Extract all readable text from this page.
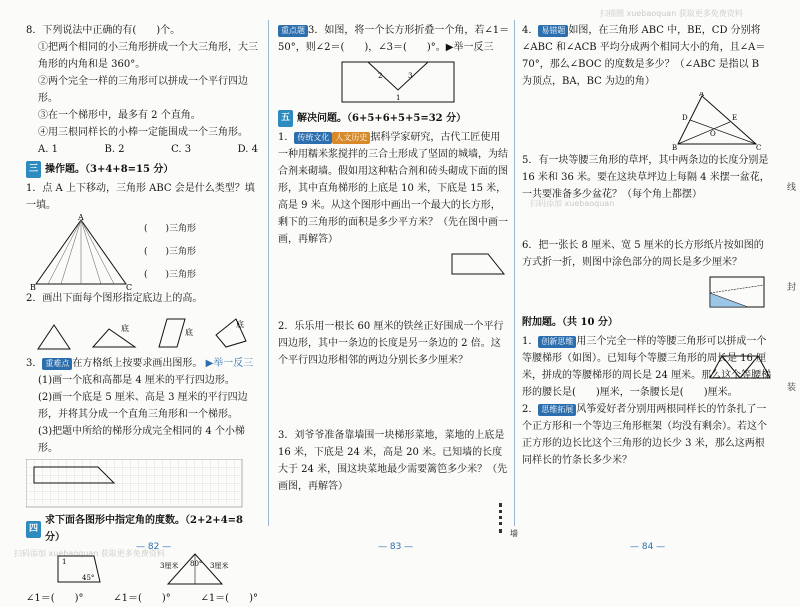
扫描圈 xuebaoquan 获取更多免费资料
扫码添加 xuebaoquan 获取更多免费资料

8．下列说法中正确的有(　　)个。

①把两个相同的小三角形拼成一个大三角形，大三角形的内角和是 360°。

②两个完全一样的三角形可以拼成一个平行四边形。

③在一个梯形中，最多有 2 个直角。

④用三根同样长的小棒一定能围成一个三角形。

A. 1	B. 2	C. 3	D. 4
三 操作题。（3+4+8=15 分）

1．点 A 上下移动，三角形 ABC 会是什么类型？填一填。

A
B	C
(　　)三角形
(　　)三角形
(　　)三角形

2．画出下面每个图形指定底边上的高。

底	底
底

3． 重难点 在方格纸上按要求画出图形。 ▶举一反三

(1)画一个底和高都是 4 厘米的平行四边形。

(2)画一个底是 5 厘米、高是 3 厘米的平行四边形，并将其分成一个直角三角形和一个梯形。

(3)把题中所给的梯形分成完全相同的 4 个小梯形。

四
求下面各图形中指定角的度数。（2+2+4=8 分）
45°
1	80°
3厘米	3厘米
∠1＝(　　)°	∠1＝(　　)°	∠1＝(　　)°
— 82 —

重点题 3．如图，将一个长方形折叠一个角，若∠1＝50°，则∠2＝(　　)，∠3＝(　　)°。▶举一反三

2	3
1
五 解决问题。（6+5+6+5+5=32 分）

1． 传统文化 人文历史 据科学家研究，古代工匠使用一种用糯米浆搅拌的三合土形成了坚固的城墙，为结合剂来砌墙。假如用这种粘合剂和砖头砌成下面的图形，其中直角梯形的上底是 10 米，下底是 15 米，高是 9 米。从这个图形中画出一个最大的长方形，剩下的三角形的面积是多少平方米？（先在图中画一画，再解答）

2．乐乐用一根长 60 厘米的铁丝正好围成一个平行四边形，其中一条边的长度是另一条边的 2 倍。这个平行四边形相邻的两边分别长多少厘米？

3．刘爷爷准备靠墙围一块梯形菜地，菜地的上底是 16 米，下底是 24 米，高是 20 米。已知墙的长度大于 24 米，围这块菜地最少需要篱笆多少米？（先画图，再解答）

墙
— 83 —

4． 易错题 如图，在三角形 ABC 中，BE，CD 分别将∠ABC 和∠ACB 平均分成两个相同大小的角，且∠A＝70°，那么∠BOC 的度数是多少？（∠ABC 是指以 B 为顶点，BA，BC 为边的角）

A
B	C
D	E
O

5．有一块等腰三角形的草坪，其中两条边的长度分别是 16 米和 36 米。要在这块草坪边上每隔 4 米摆一盆花，一共要准备多少盆花？（每个角上都摆）

6．把一张长 8 厘米、宽 5 厘米的长方形纸片按如图的方式折一折，则图中涂色部分的周长是多少厘米？

附加题。（共 10 分）

1． 创新思维 用三个完全一样的等腰三角形可以拼成一个等腰梯形（如图）。已知每个等腰三角形的周长是 16 厘米，拼成的等腰梯形的周长是 24 厘米。那么这个等腰梯形的腰长是(　　)厘米，一条腰长是(　　)厘米。

2． 思维拓展 风筝爱好者分别用两根同样长的竹条扎了一个正方形和一个等边三角形框架（均没有剩余）。若这个正方形的边长比这个三角形的边长少 3 米，那么这两根同样长的竹条长多少米？

— 84 —
线
封
装
扫码添加 xuebaoquan
